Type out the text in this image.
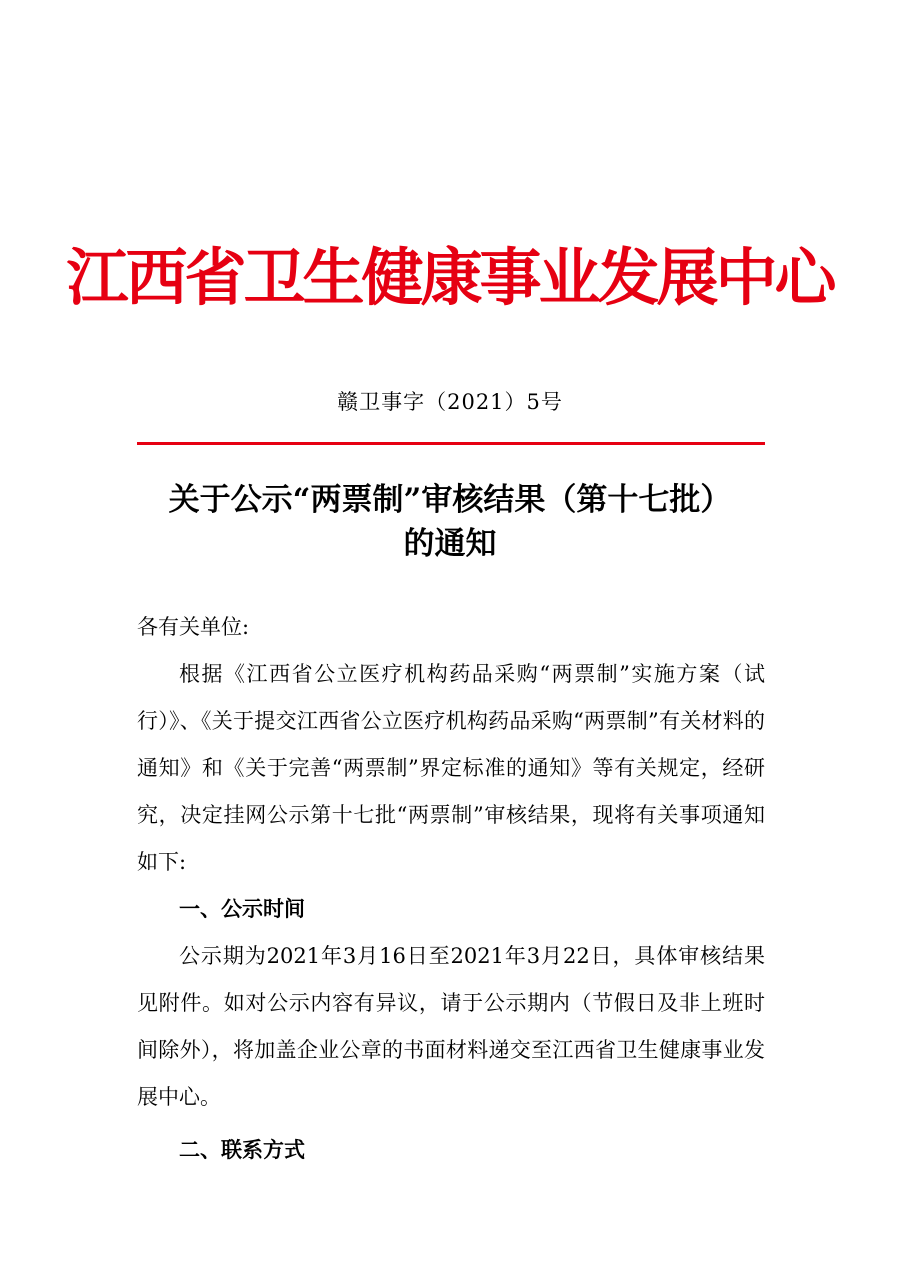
江西省卫生健康事业发展中心
赣卫事字（2021）5号
关于公示“两票制”审核结果（第十七批）
的通知

各有关单位:

根据《江西省公立医疗机构药品采购“两票制”实施方案（试行）》、《关于提交江西省公立医疗机构药品采购“两票制”有关材料的通知》和《关于完善“两票制”界定标准的通知》等有关规定，经研究，决定挂网公示第十七批“两票制”审核结果，现将有关事项通知如下:

一、公示时间

公示期为2021年3月16日至2021年3月22日，具体审核结果见附件。如对公示内容有异议，请于公示期内（节假日及非上班时间除外），将加盖企业公章的书面材料递交至江西省卫生健康事业发展中心。

二、联系方式
